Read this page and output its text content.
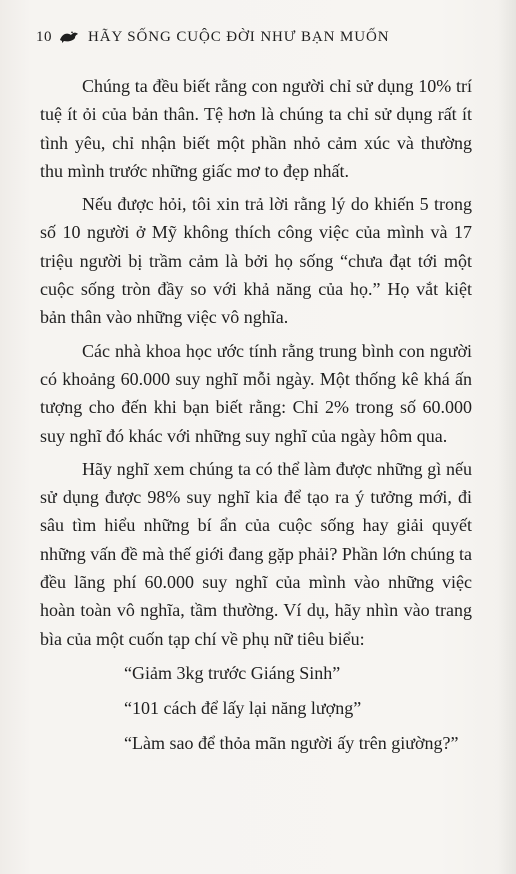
10 HÃY SỐNG CUỘC ĐỜI NHƯ BẠN MUỐN

Chúng ta đều biết rằng con người chỉ sử dụng 10% trí tuệ ít ỏi của bản thân. Tệ hơn là chúng ta chỉ sử dụng rất ít tình yêu, chỉ nhận biết một phần nhỏ cảm xúc và thường thu mình trước những giấc mơ to đẹp nhất.

Nếu được hỏi, tôi xin trả lời rằng lý do khiến 5 trong số 10 người ở Mỹ không thích công việc của mình và 17 triệu người bị trầm cảm là bởi họ sống “chưa đạt tới một cuộc sống tròn đầy so với khả năng của họ.” Họ vắt kiệt bản thân vào những việc vô nghĩa.

Các nhà khoa học ước tính rằng trung bình con người có khoảng 60.000 suy nghĩ mỗi ngày. Một thống kê khá ấn tượng cho đến khi bạn biết rằng: Chỉ 2% trong số 60.000 suy nghĩ đó khác với những suy nghĩ của ngày hôm qua.

Hãy nghĩ xem chúng ta có thể làm được những gì nếu sử dụng được 98% suy nghĩ kia để tạo ra ý tưởng mới, đi sâu tìm hiểu những bí ẩn của cuộc sống hay giải quyết những vấn đề mà thế giới đang gặp phải? Phần lớn chúng ta đều lãng phí 60.000 suy nghĩ của mình vào những việc hoàn toàn vô nghĩa, tầm thường. Ví dụ, hãy nhìn vào trang bìa của một cuốn tạp chí về phụ nữ tiêu biểu:

“Giảm 3kg trước Giáng Sinh”

“101 cách để lấy lại năng lượng”

“Làm sao để thỏa mãn người ấy trên giường?”
